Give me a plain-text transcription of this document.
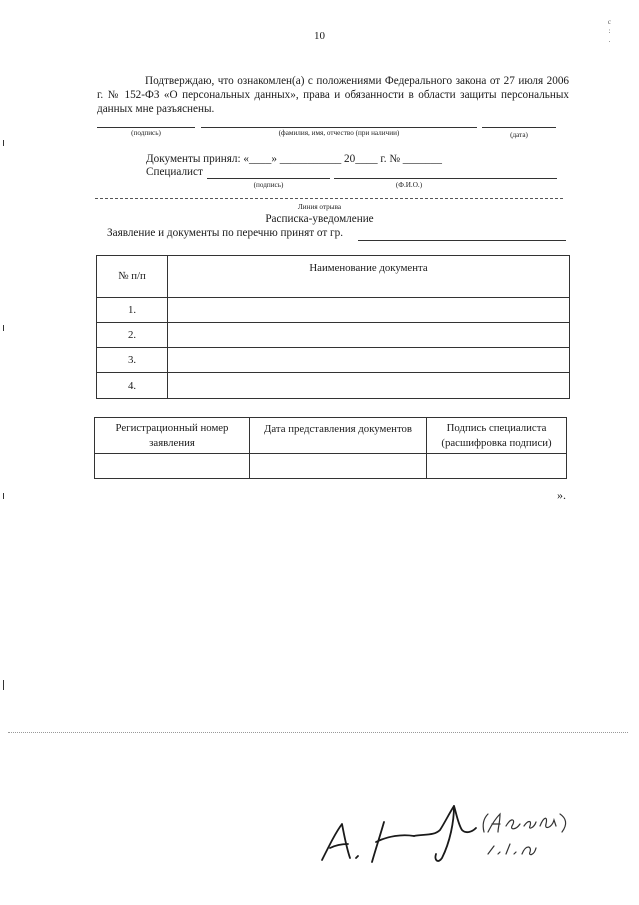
10
c
:
.
Подтверждаю, что ознакомлен(а) с положениями Федерального закона от 27 июля 2006 г. № 152-ФЗ «О персональных данных», права и обязанности в области защиты персональных данных мне разъяснены.
(подпись)	(фамилия, имя, отчество (при наличии)	(дата)
Документы принял: «____» ___________ 20____ г. № _______
Специалист
(подпись)	(Ф.И.О.)
Линия отрыва
Расписка-уведомление
Заявление и документы по перечню принят от гр.
№ п/п	Наименование документа
1.	
2.	
3.	
4.	
Регистрационный номер заявления	Дата представления документов	Подпись специалиста (расшифровка подписи)

».
